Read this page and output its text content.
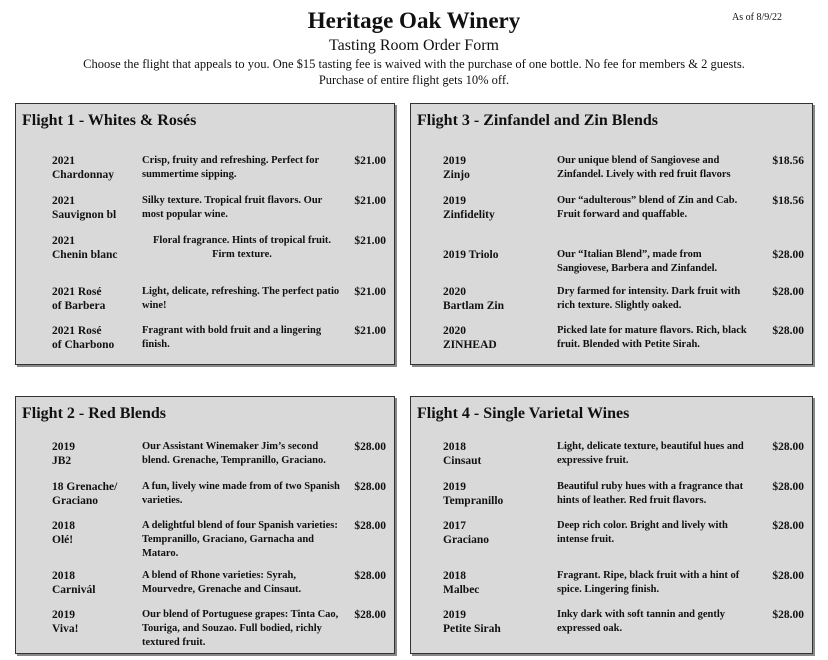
Heritage Oak Winery	As of 8/9/22
Tasting Room Order Form
Choose the flight that appeals to you. One $15 tasting fee is waived with the purchase of one bottle. No fee for members & 2 guests.
Purchase of entire flight gets 10% off.
Flight 1 - Whites & Rosés
2021
Chardonnay
Crisp, fruity and refreshing. Perfect for summertime sipping.
$21.00
2021
Sauvignon bl
Silky texture. Tropical fruit flavors. Our most popular wine.
$21.00
2021
Chenin blanc
Floral fragrance. Hints of tropical fruit. Firm texture.
$21.00
2021 Rosé
of Barbera
Light, delicate, refreshing. The perfect patio wine!
$21.00
2021 Rosé
of Charbono
Fragrant with bold fruit and a lingering finish.
$21.00
Flight 3 - Zinfandel and Zin Blends
2019
Zinjo
Our unique blend of Sangiovese and Zinfandel. Lively with red fruit flavors
$18.56
2019
Zinfidelity
Our “adulterous” blend of Zin and Cab. Fruit forward and quaffable.
$18.56
2019 Triolo	Our “Italian Blend”, made from Sangiovese, Barbera and Zinfandel.
$28.00
2020
Bartlam Zin
Dry farmed for intensity. Dark fruit with rich texture. Slightly oaked.
$28.00
2020
ZINHEAD
Picked late for mature flavors. Rich, black fruit. Blended with Petite Sirah.
$28.00
Flight 2 - Red Blends
2019
JB2
Our Assistant Winemaker Jim’s second blend. Grenache, Tempranillo, Graciano.
$28.00
18 Grenache/
Graciano
A fun, lively wine made from of two Spanish varieties.
$28.00
2018
Olé!
A delightful blend of four Spanish varieties: Tempranillo, Graciano, Garnacha and Mataro.
$28.00
2018
Carnivál
A blend of Rhone varieties: Syrah, Mourvedre, Grenache and Cinsaut.
$28.00
2019
Viva!
Our blend of Portuguese grapes: Tinta Cao, Touriga, and Souzao. Full bodied, richly textured fruit.
$28.00
Flight 4 - Single Varietal Wines
2018
Cinsaut
Light, delicate texture, beautiful hues and expressive fruit.
$28.00
2019
Tempranillo
Beautiful ruby hues with a fragrance that hints of leather. Red fruit flavors.
$28.00
2017
Graciano
Deep rich color. Bright and lively with intense fruit.
$28.00
2018
Malbec
Fragrant. Ripe, black fruit with a hint of spice. Lingering finish.
$28.00
2019
Petite Sirah
Inky dark with soft tannin and gently expressed oak.
$28.00
